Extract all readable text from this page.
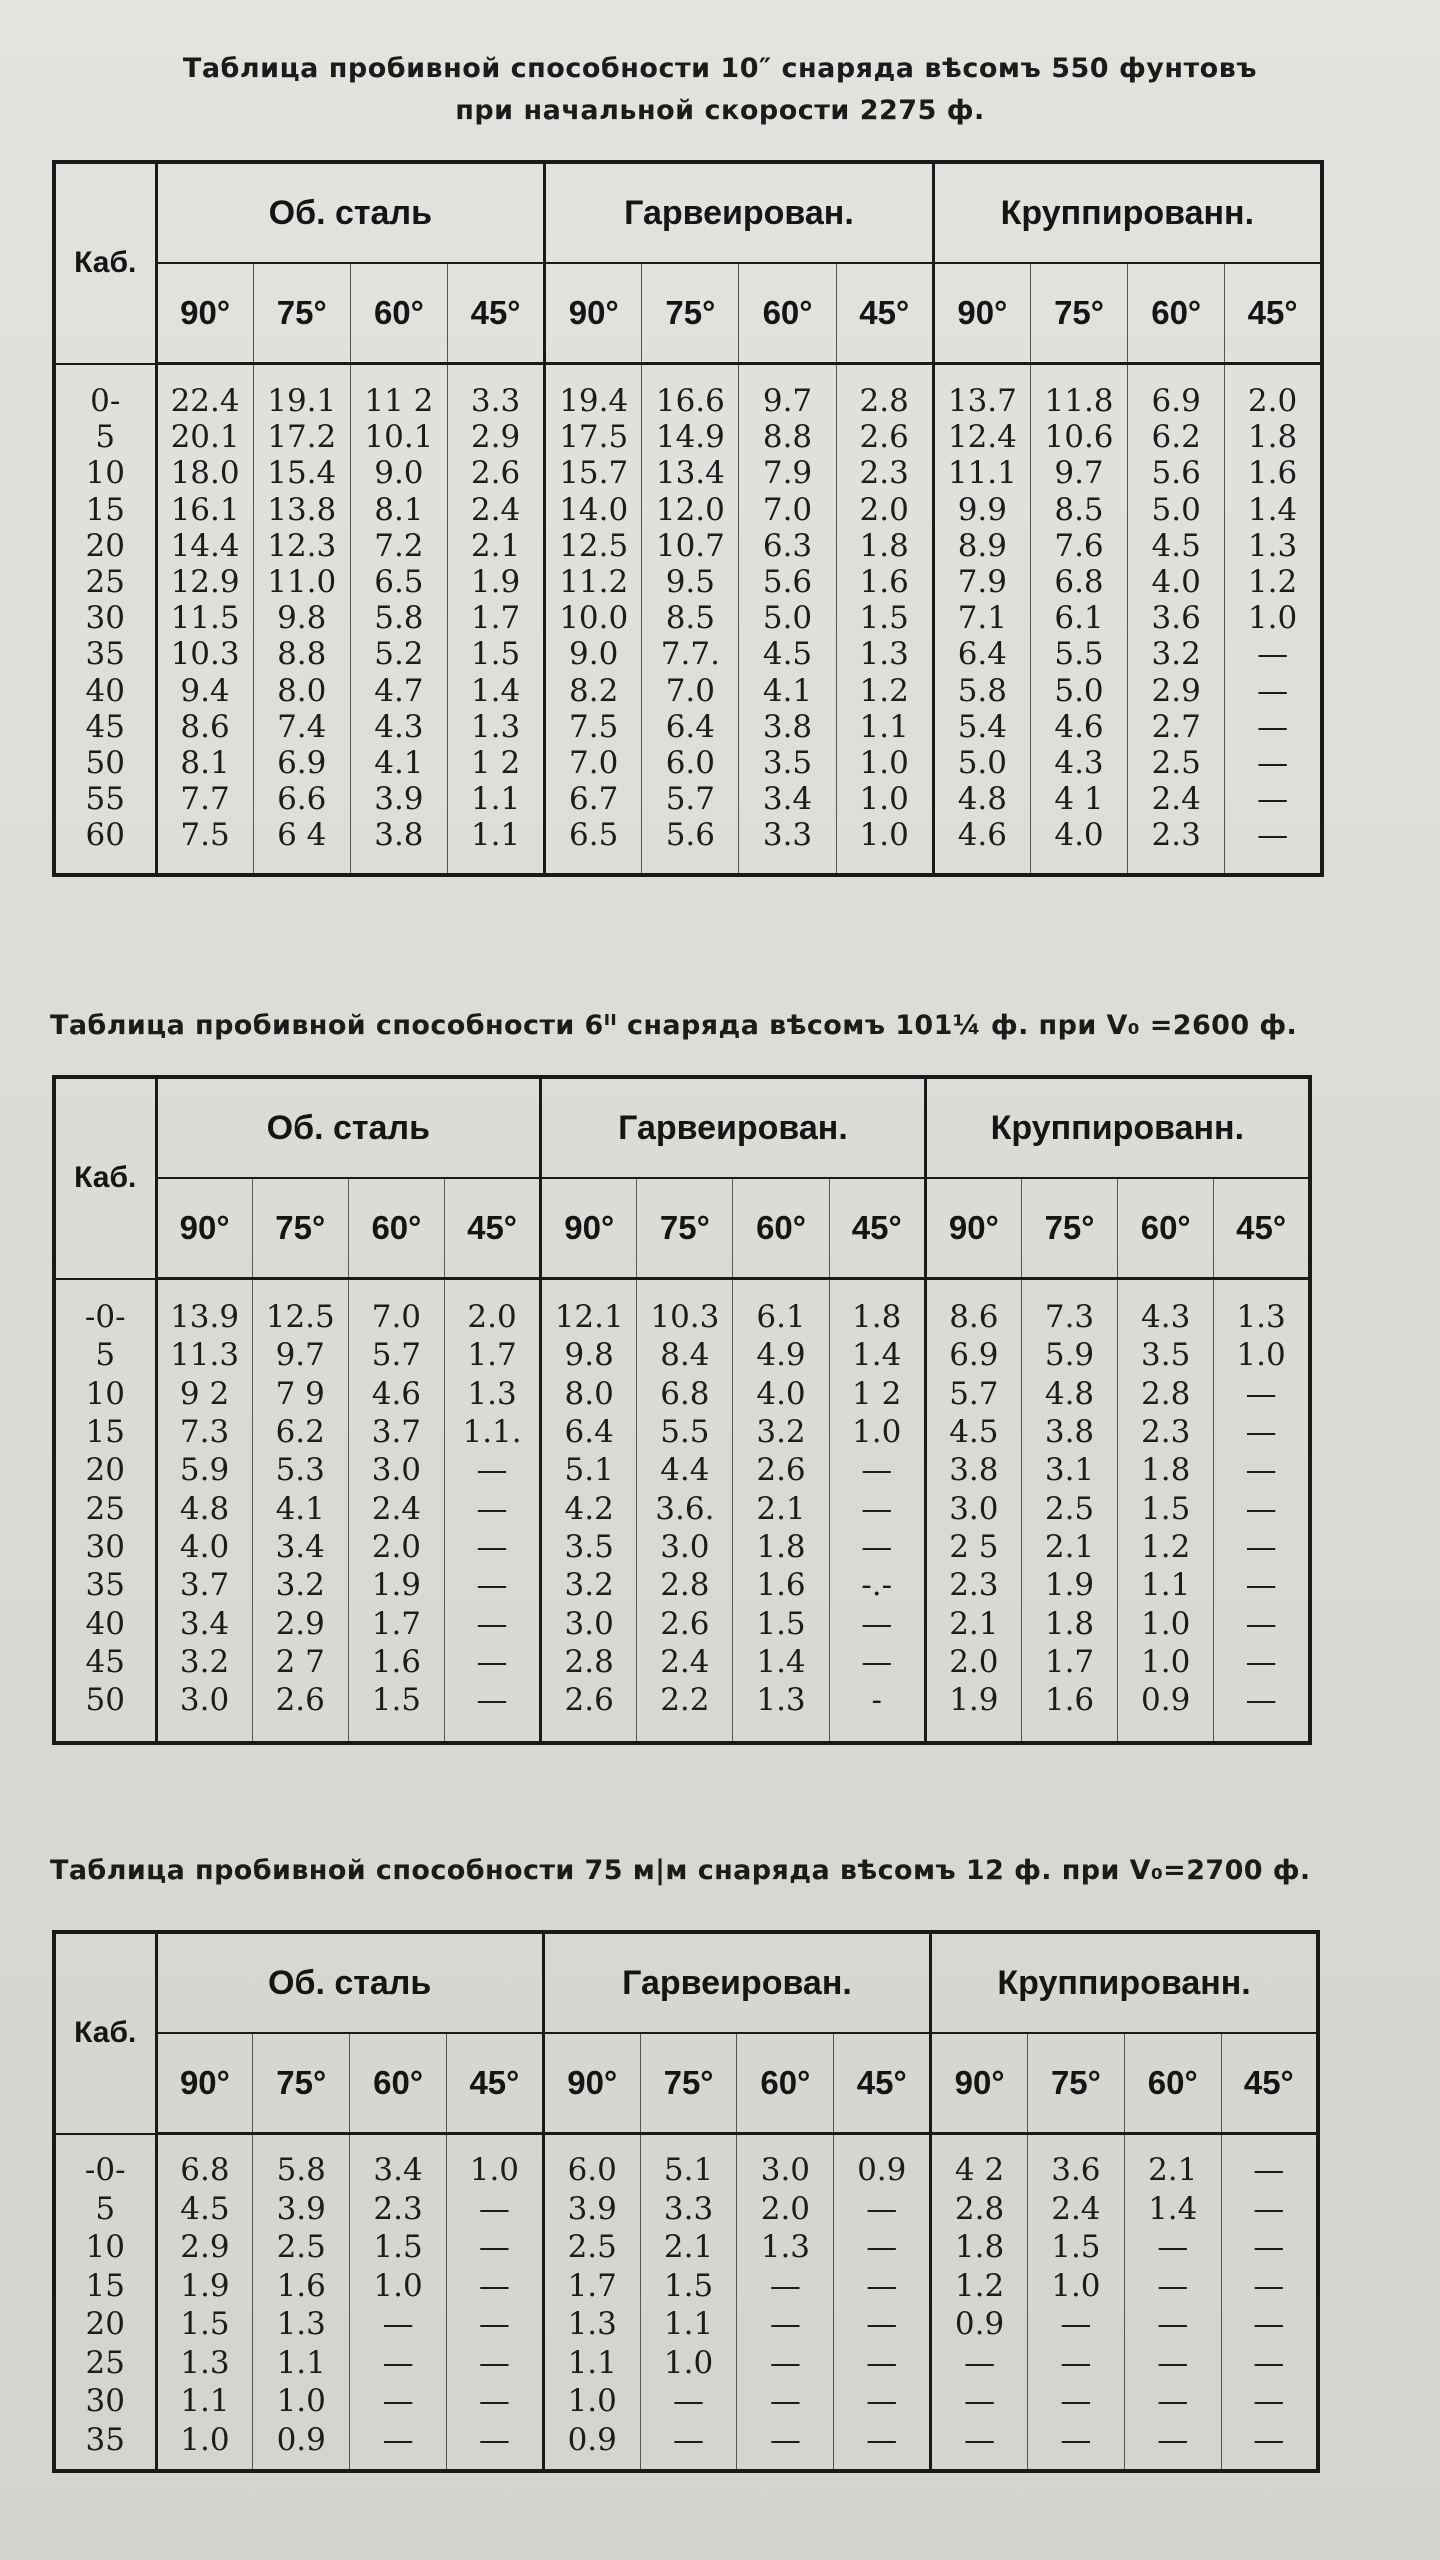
Таблица пробивной способности 10″ снаряда вѣсомъ 550 фунтовъ
при начальной скорости 2275 ф.
Каб.	Об. сталь				Гарвеирован.				Круппированн.			
	90°	75°	60°	45°	90°	75°	60°	45°	90°	75°	60°	45°

0-	22.4	19.1	11 2	3.3	19.4	16.6	9.7	2.8	13.7	11.8	6.9	2.0
5	20.1	17.2	10.1	2.9	17.5	14.9	8.8	2.6	12.4	10.6	6.2	1.8
10	18.0	15.4	9.0	2.6	15.7	13.4	7.9	2.3	11.1	9.7	5.6	1.6
15	16.1	13.8	8.1	2.4	14.0	12.0	7.0	2.0	9.9	8.5	5.0	1.4
20	14.4	12.3	7.2	2.1	12.5	10.7	6.3	1.8	8.9	7.6	4.5	1.3
25	12.9	11.0	6.5	1.9	11.2	9.5	5.6	1.6	7.9	6.8	4.0	1.2
30	11.5	9.8	5.8	1.7	10.0	8.5	5.0	1.5	7.1	6.1	3.6	1.0
35	10.3	8.8	5.2	1.5	9.0	7.7.	4.5	1.3	6.4	5.5	3.2	—
40	9.4	8.0	4.7	1.4	8.2	7.0	4.1	1.2	5.8	5.0	2.9	—
45	8.6	7.4	4.3	1.3	7.5	6.4	3.8	1.1	5.4	4.6	2.7	—
50	8.1	6.9	4.1	1 2	7.0	6.0	3.5	1.0	5.0	4.3	2.5	—
55	7.7	6.6	3.9	1.1	6.7	5.7	3.4	1.0	4.8	4 1	2.4	—
60	7.5	6 4	3.8	1.1	6.5	5.6	3.3	1.0	4.6	4.0	2.3	—

Таблица пробивной способности 6ᴵᴵ снаряда вѣсомъ 101¼ ф. при V₀ =2600 ф.
Каб.	Об. сталь				Гарвеирован.				Круппированн.			
	90°	75°	60°	45°	90°	75°	60°	45°	90°	75°	60°	45°

-0-	13.9	12.5	7.0	2.0	12.1	10.3	6.1	1.8	8.6	7.3	4.3	1.3
5	11.3	9.7	5.7	1.7	9.8	8.4	4.9	1.4	6.9	5.9	3.5	1.0
10	9 2	7 9	4.6	1.3	8.0	6.8	4.0	1 2	5.7	4.8	2.8	—
15	7.3	6.2	3.7	1.1.	6.4	5.5	3.2	1.0	4.5	3.8	2.3	—
20	5.9	5.3	3.0	—	5.1	4.4	2.6	—	3.8	3.1	1.8	—
25	4.8	4.1	2.4	—	4.2	3.6.	2.1	—	3.0	2.5	1.5	—
30	4.0	3.4	2.0	—	3.5	3.0	1.8	—	2 5	2.1	1.2	—
35	3.7	3.2	1.9	—	3.2	2.8	1.6	-.-	2.3	1.9	1.1	—
40	3.4	2.9	1.7	—	3.0	2.6	1.5	—	2.1	1.8	1.0	—
45	3.2	2 7	1.6	—	2.8	2.4	1.4	—	2.0	1.7	1.0	—
50	3.0	2.6	1.5	—	2.6	2.2	1.3	-	1.9	1.6	0.9	—

Таблица пробивной способности 75 м|м снаряда вѣсомъ 12 ф. при V₀=2700 ф.
Каб.	Об. сталь				Гарвеирован.				Круппированн.			
	90°	75°	60°	45°	90°	75°	60°	45°	90°	75°	60°	45°

-0-	6.8	5.8	3.4	1.0	6.0	5.1	3.0	0.9	4 2	3.6	2.1	—
5	4.5	3.9	2.3	—	3.9	3.3	2.0	—	2.8	2.4	1.4	—
10	2.9	2.5	1.5	—	2.5	2.1	1.3	—	1.8	1.5	—	—
15	1.9	1.6	1.0	—	1.7	1.5	—	—	1.2	1.0	—	—
20	1.5	1.3	—	—	1.3	1.1	—	—	0.9	—	—	—
25	1.3	1.1	—	—	1.1	1.0	—	—	—	—	—	—
30	1.1	1.0	—	—	1.0	—	—	—	—	—	—	—
35	1.0	0.9	—	—	0.9	—	—	—	—	—	—	—
